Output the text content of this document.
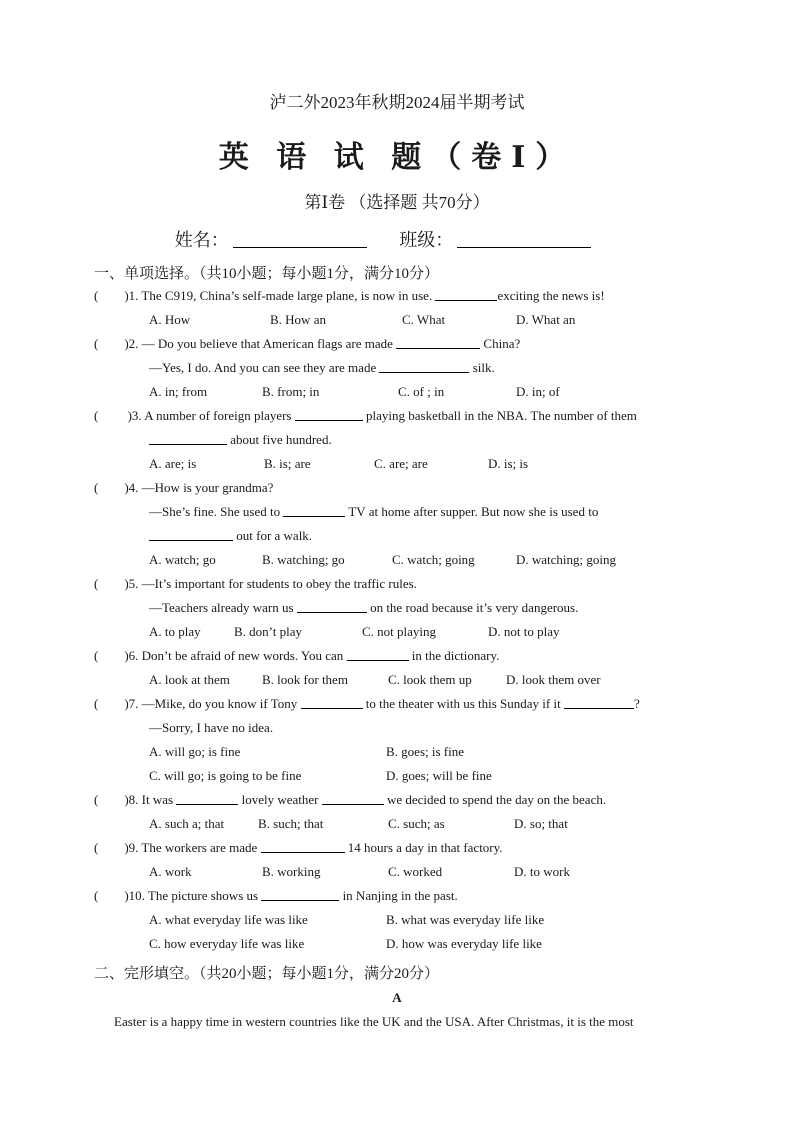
泸二外2023年秋期2024届半期考试
英 语 试 题（卷Ⅰ）
第Ⅰ卷 （选择题 共70分）
姓名：	班级：
一、单项选择。（共10小题；每小题1分，满分10分）
(        )1. The C919, China’s self-made large plane, is now in use.	exciting the news is!
A. How	B. How an	C. What	D. What an
(        )2. — Do you believe that American flags are made	China?
—Yes, I do. And you can see they are made	silk.
A. in; from	B. from; in	C. of ; in	D. in; of
(         )3. A number of foreign players	playing basketball in the NBA. The number of them
about five hundred.
A. are; is	B. is; are	C. are; are	D. is; is
(        )4. —How is your grandma?
—She’s fine. She used to	TV at home after supper. But now she is used to
out for a walk.
A. watch; go	B. watching; go	C. watch; going	D. watching; going
(        )5. —It’s important for students to obey the traffic rules.
—Teachers already warn us	on the road because it’s very dangerous.
A. to play	B. don’t play	C. not playing	D. not to play
(        )6. Don’t be afraid of new words. You can	in the dictionary.
A. look at them B. look for them	C. look them up	D. look them over
(        )7. —Mike, do you know if Tony	to the theater with us this Sunday if it	?
—Sorry, I have no idea.
A. will go; is fine	B. goes; is fine
C. will go; is going to be fine	D. goes; will be fine
(        )8. It was	lovely weather	we decided to spend the day on the beach.
A. such a; that	B. such; that	C. such; as	D. so; that
(        )9. The workers are made	14 hours a day in that factory.
A. work	B. working	C. worked	D. to work
(        )10. The picture shows us	in Nanjing in the past.
A. what everyday life was like	B. what was everyday life like
C. how everyday life was like	D. how was everyday life like
二、完形填空。（共20小题；每小题1分，满分20分）
A
Easter is a happy time in western countries like the UK and the USA. After Christmas, it is the most
